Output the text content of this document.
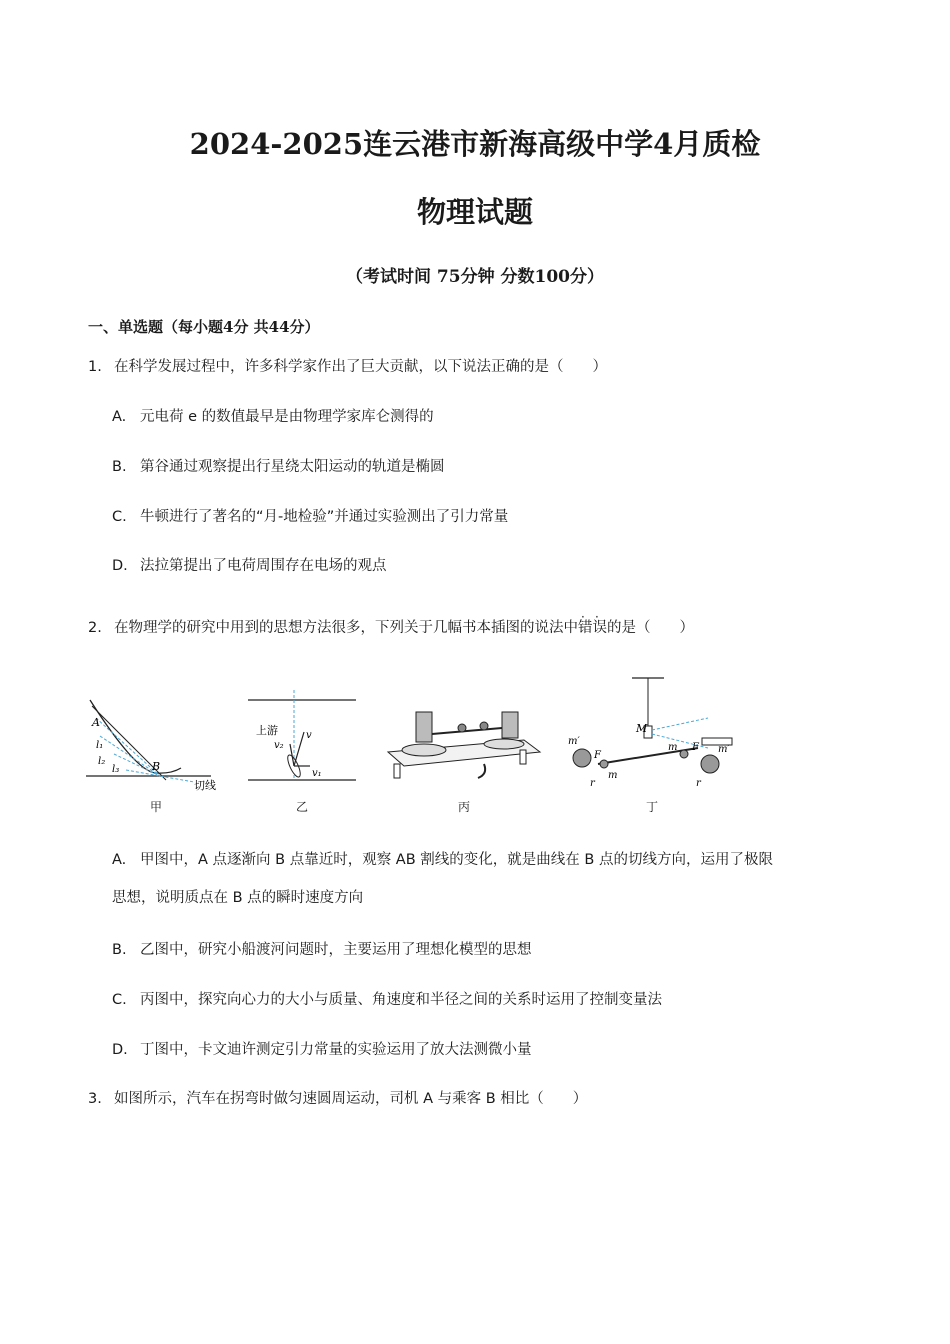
2024-2025连云港市新海高级中学4月质检
物理试题
（考试时间 75分钟 分数100分）
一、单选题（每小题4分 共44分）
1. 在科学发展过程中，许多科学家作出了巨大贡献，以下说法正确的是（　　）
A. 元电荷 e 的数值最早是由物理学家库仑测得的
B. 第谷通过观察提出行星绕太阳运动的轨道是椭圆
C. 牛顿进行了著名的“月-地检验”并通过实验测出了引力常量
D. 法拉第提出了电荷周围存在电场的观点
2. 在物理学的研究中用到的思想方法很多，下列关于几幅书本插图的说法中
· ·
错误的是（　　）
A
l₁
l₂
l₃	B
切线
甲
上游	v
v₂
v₁
乙	丙
M
m′
m′
m
m
F
F
r	r
丁
A. 甲图中，A 点逐渐向 B 点靠近时，观察 AB 割线的变化，就是曲线在 B 点的切线方向，运用了极限
思想，说明质点在 B 点的瞬时速度方向
B. 乙图中，研究小船渡河问题时，主要运用了理想化模型的思想
C. 丙图中，探究向心力的大小与质量、角速度和半径之间的关系时运用了控制变量法
D. 丁图中，卡文迪许测定引力常量的实验运用了放大法测微小量
3. 如图所示，汽车在拐弯时做匀速圆周运动，司机 A 与乘客 B 相比（　　）
